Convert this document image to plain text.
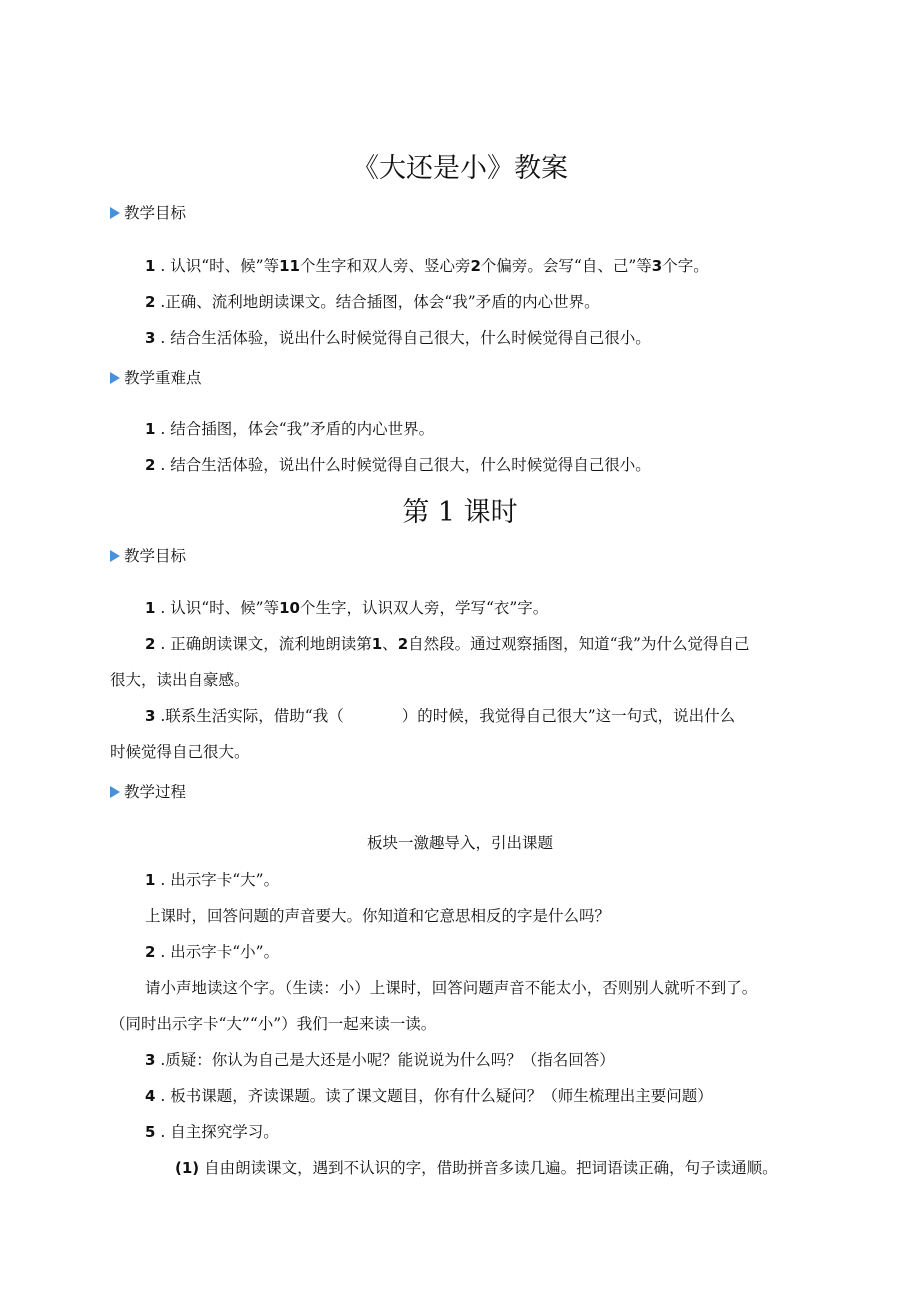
《大还是小》教案
教学目标
1 . 认识“时、候”等11个生字和双人旁、竖心旁2个偏旁。会写“自、己”等3个字。
2 .正确、流利地朗读课文。结合插图，体会“我”矛盾的内心世界。
3 . 结合生活体验，说出什么时候觉得自己很大，什么时候觉得自己很小。
教学重难点
1 . 结合插图，体会“我”矛盾的内心世界。
2 . 结合生活体验，说出什么时候觉得自己很大，什么时候觉得自己很小。
第 1 课时
教学目标
1 . 认识“时、候”等10个生字，认识双人旁，学写“衣”字。
2 . 正确朗读课文，流利地朗读第1、2自然段。通过观察插图，知道“我”为什么觉得自己
很大，读出自豪感。
3 .联系生活实际，借助“我（	）的时候，我觉得自己很大”这一句式，说出什么
时候觉得自己很大。
教学过程
板块一激趣导入，引出课题
1 . 出示字卡“大”。
上课时，回答问题的声音要大。你知道和它意思相反的字是什么吗？
2 . 出示字卡“小”。
请小声地读这个字。（生读：小）上课时，回答问题声音不能太小，否则别人就听不到了。
（同时出示字卡“大”“小”）我们一起来读一读。
3 .质疑：你认为自己是大还是小呢？能说说为什么吗？（指名回答）
4 . 板书课题，齐读课题。读了课文题目，你有什么疑问？（师生梳理出主要问题）
5 . 自主探究学习。
(1) 自由朗读课文，遇到不认识的字，借助拼音多读几遍。把词语读正确，句子读通顺。
